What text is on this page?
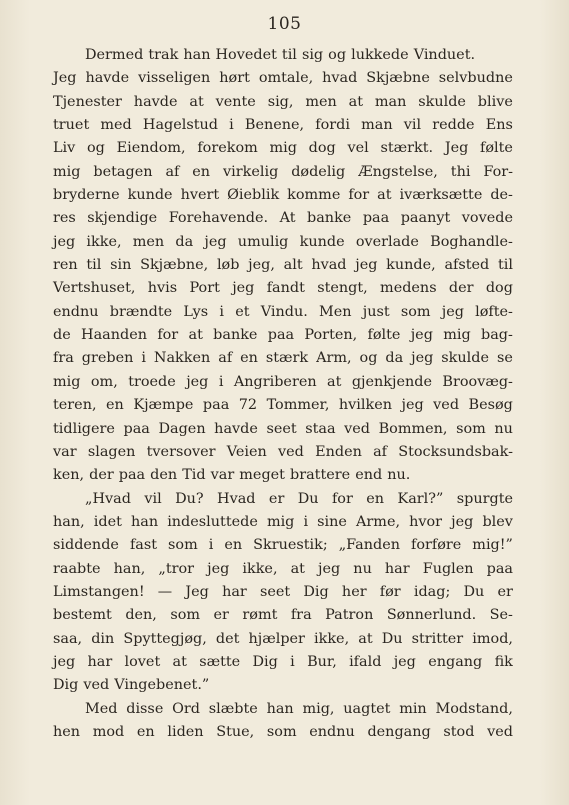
105
Dermed trak han Hovedet til sig og lukkede Vinduet.
Jeg havde visseligen hørt omtale, hvad Skjæbne selvbudne
Tjenester havde at vente sig, men at man skulde blive
truet med Hagelstud i Benene, fordi man vil redde Ens
Liv og Eiendom, forekom mig dog vel stærkt. Jeg følte
mig betagen af en virkelig dødelig Ængstelse, thi For-
bryderne kunde hvert Øieblik komme for at iværksætte de-
res skjendige Forehavende. At banke paa paanyt vovede
jeg ikke, men da jeg umulig kunde overlade Boghandle-
ren til sin Skjæbne, løb jeg, alt hvad jeg kunde, afsted til
Vertshuset, hvis Port jeg fandt stengt, medens der dog
endnu brændte Lys i et Vindu. Men just som jeg løfte-
de Haanden for at banke paa Porten, følte jeg mig bag-
fra greben i Nakken af en stærk Arm, og da jeg skulde se
mig om, troede jeg i Angriberen at gjenkjende Broovæg-
teren, en Kjæmpe paa 72 Tommer, hvilken jeg ved Besøg
tidligere paa Dagen havde seet staa ved Bommen, som nu
var slagen tversover Veien ved Enden af Stocksundsbak-
ken, der paa den Tid var meget brattere end nu.
„Hvad vil Du? Hvad er Du for en Karl?” spurgte
han, idet han indesluttede mig i sine Arme, hvor jeg blev
siddende fast som i en Skruestik; „Fanden forføre mig!”
raabte han, „tror jeg ikke, at jeg nu har Fuglen paa
Limstangen! — Jeg har seet Dig her før idag; Du er
bestemt den, som er rømt fra Patron Sønnerlund. Se-
saa, din Spyttegjøg, det hjælper ikke, at Du stritter imod,
jeg har lovet at sætte Dig i Bur, ifald jeg engang fik
Dig ved Vingebenet.”
Med disse Ord slæbte han mig, uagtet min Modstand,
hen mod en liden Stue, som endnu dengang stod ved
